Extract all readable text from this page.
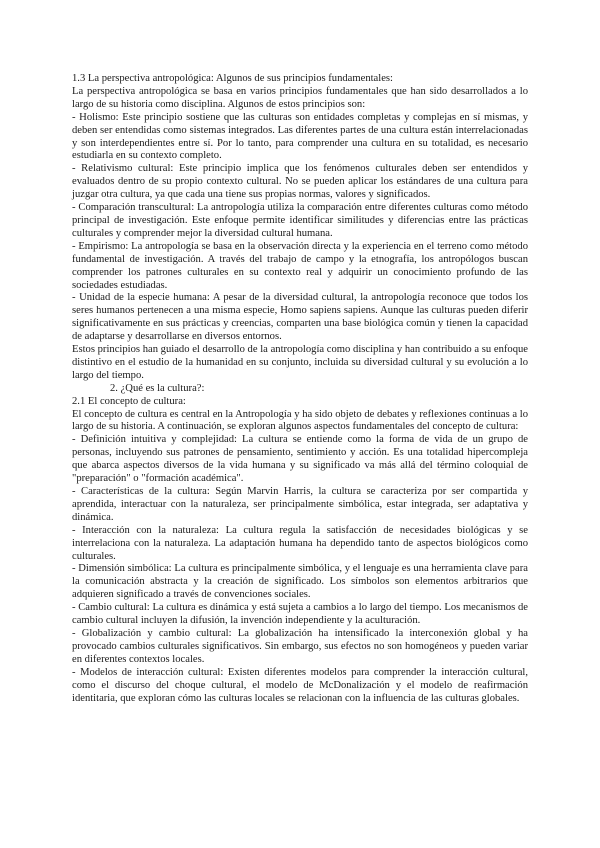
1.3 La perspectiva antropológica: Algunos de sus principios fundamentales:

La perspectiva antropológica se basa en varios principios fundamentales que han sido desarrollados a lo largo de su historia como disciplina. Algunos de estos principios son:

- Holismo: Este principio sostiene que las culturas son entidades completas y complejas en sí mismas, y deben ser entendidas como sistemas integrados. Las diferentes partes de una cultura están interrelacionadas y son interdependientes entre sí. Por lo tanto, para comprender una cultura en su totalidad, es necesario estudiarla en su contexto completo.

- Relativismo cultural: Este principio implica que los fenómenos culturales deben ser entendidos y evaluados dentro de su propio contexto cultural. No se pueden aplicar los estándares de una cultura para juzgar otra cultura, ya que cada una tiene sus propias normas, valores y significados.

- Comparación transcultural: La antropología utiliza la comparación entre diferentes culturas como método principal de investigación. Este enfoque permite identificar similitudes y diferencias entre las prácticas culturales y comprender mejor la diversidad cultural humana.

- Empirismo: La antropología se basa en la observación directa y la experiencia en el terreno como método fundamental de investigación. A través del trabajo de campo y la etnografía, los antropólogos buscan comprender los patrones culturales en su contexto real y adquirir un conocimiento profundo de las sociedades estudiadas.

- Unidad de la especie humana: A pesar de la diversidad cultural, la antropología reconoce que todos los seres humanos pertenecen a una misma especie, Homo sapiens sapiens. Aunque las culturas pueden diferir significativamente en sus prácticas y creencias, comparten una base biológica común y tienen la capacidad de adaptarse y desarrollarse en diversos entornos.

Estos principios han guiado el desarrollo de la antropología como disciplina y han contribuido a su enfoque distintivo en el estudio de la humanidad en su conjunto, incluida su diversidad cultural y su evolución a lo largo del tiempo.

2. ¿Qué es la cultura?:

2.1 El concepto de cultura:

El concepto de cultura es central en la Antropología y ha sido objeto de debates y reflexiones continuas a lo largo de su historia. A continuación, se exploran algunos aspectos fundamentales del concepto de cultura:

- Definición intuitiva y complejidad: La cultura se entiende como la forma de vida de un grupo de personas, incluyendo sus patrones de pensamiento, sentimiento y acción. Es una totalidad hipercompleja que abarca aspectos diversos de la vida humana y su significado va más allá del término coloquial de "preparación" o "formación académica".

- Características de la cultura: Según Marvin Harris, la cultura se caracteriza por ser compartida y aprendida, interactuar con la naturaleza, ser principalmente simbólica, estar integrada, ser adaptativa y dinámica.

- Interacción con la naturaleza: La cultura regula la satisfacción de necesidades biológicas y se interrelaciona con la naturaleza. La adaptación humana ha dependido tanto de aspectos biológicos como culturales.

- Dimensión simbólica: La cultura es principalmente simbólica, y el lenguaje es una herramienta clave para la comunicación abstracta y la creación de significado. Los símbolos son elementos arbitrarios que adquieren significado a través de convenciones sociales.

- Cambio cultural: La cultura es dinámica y está sujeta a cambios a lo largo del tiempo. Los mecanismos de cambio cultural incluyen la difusión, la invención independiente y la aculturación.

- Globalización y cambio cultural: La globalización ha intensificado la interconexión global y ha provocado cambios culturales significativos. Sin embargo, sus efectos no son homogéneos y pueden variar en diferentes contextos locales.

- Modelos de interacción cultural: Existen diferentes modelos para comprender la interacción cultural, como el discurso del choque cultural, el modelo de McDonalización y el modelo de reafirmación identitaria, que exploran cómo las culturas locales se relacionan con la influencia de las culturas globales.
